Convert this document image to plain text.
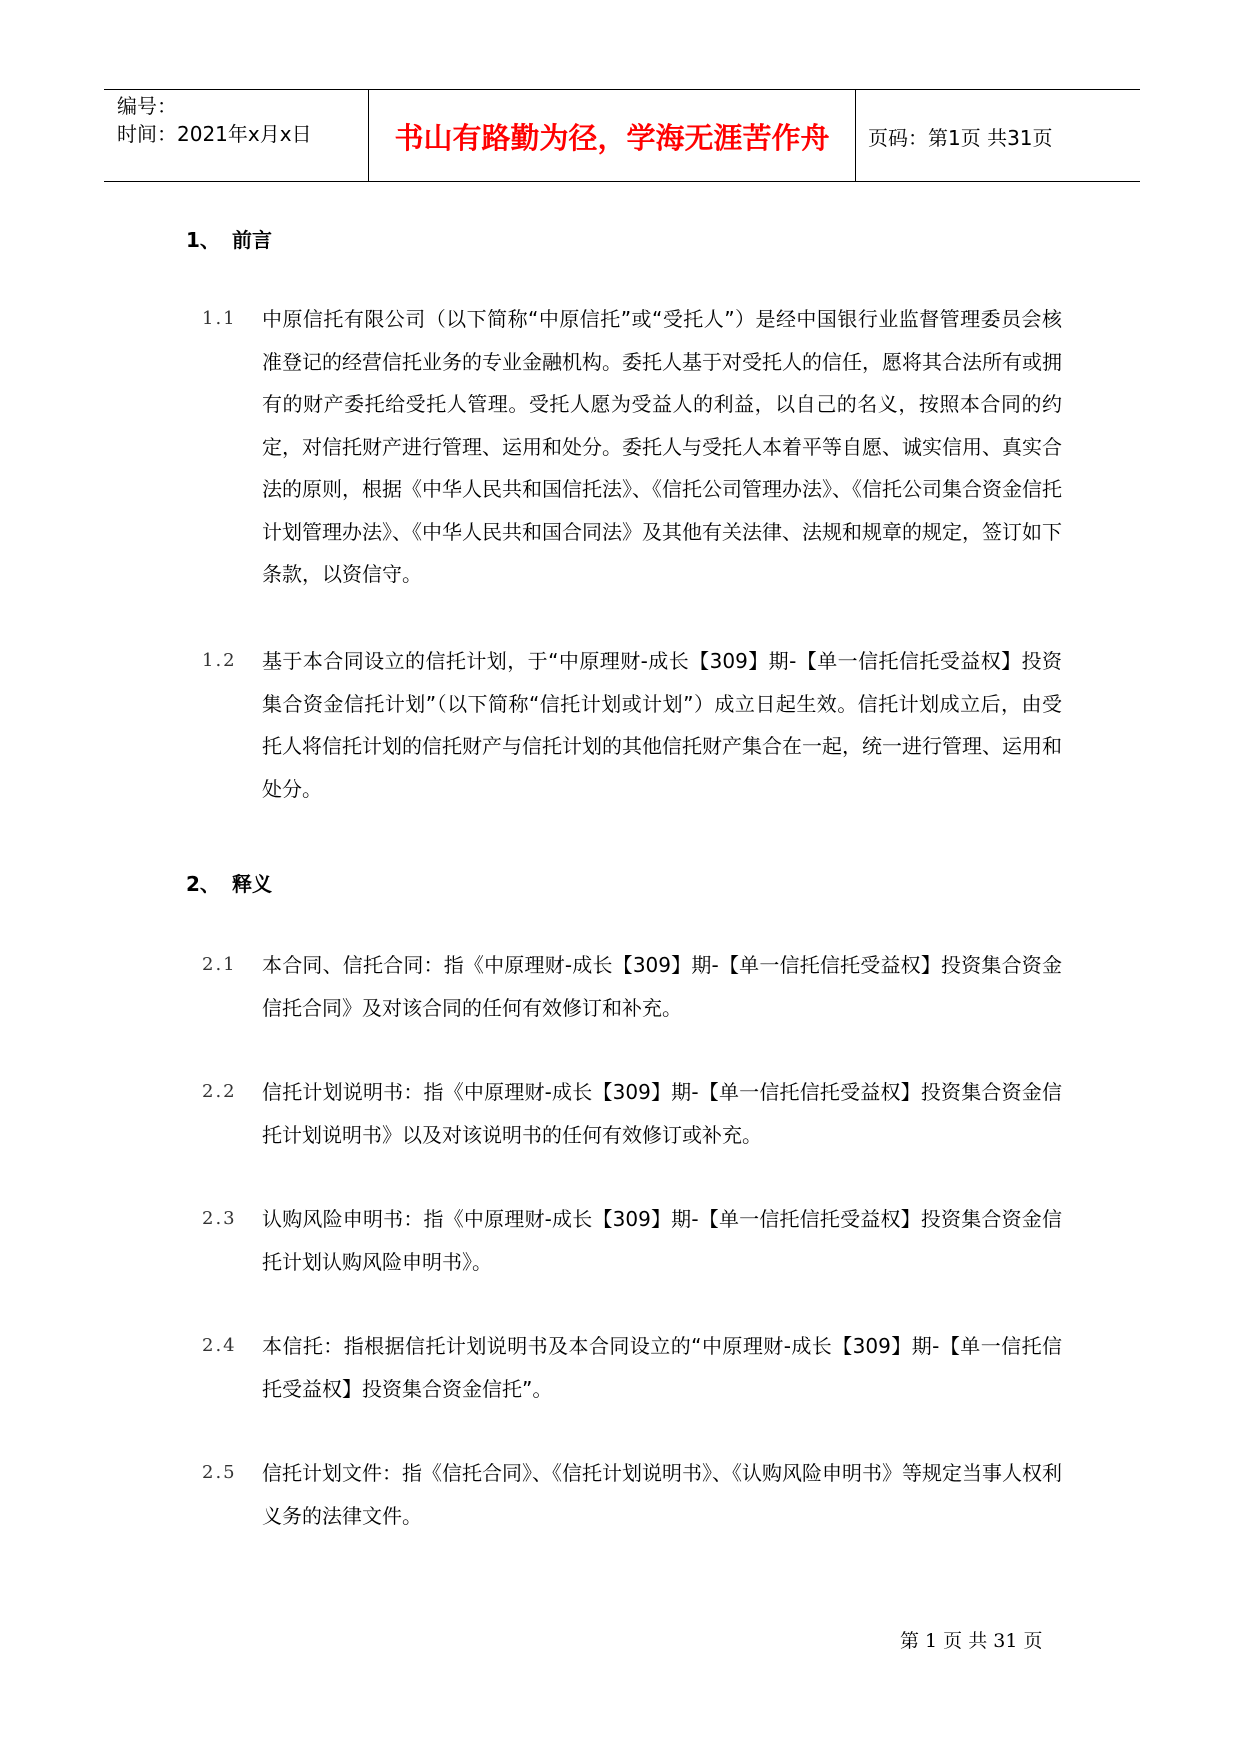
编号：
时间：2021年x月x日	书山有路勤为径，学海无涯苦作舟	页码：第1页 共31页
1、 前言
1.1	中原信托有限公司（以下简称“中原信托”或“受托人”）是经中国银行业监督管理委员会核准登记的经营信托业务的专业金融机构。委托人基于对受托人的信任，愿将其合法所有或拥有的财产委托给受托人管理。受托人愿为受益人的利益，以自己的名义，按照本合同的约定，对信托财产进行管理、运用和处分。委托人与受托人本着平等自愿、诚实信用、真实合法的原则，根据《中华人民共和国信托法》、《信托公司管理办法》、《信托公司集合资金信托计划管理办法》、《中华人民共和国合同法》及其他有关法律、法规和规章的规定，签订如下条款，以资信守。
1.2	基于本合同设立的信托计划，于“中原理财-成长【309】期-【单一信托信托受益权】投资集合资金信托计划”（以下简称“信托计划或计划”）成立日起生效。信托计划成立后，由受托人将信托计划的信托财产与信托计划的其他信托财产集合在一起，统一进行管理、运用和处分。
2、 释义
2.1	本合同、信托合同：指《中原理财-成长【309】期-【单一信托信托受益权】投资集合资金信托合同》及对该合同的任何有效修订和补充。
2.2	信托计划说明书：指《中原理财-成长【309】期-【单一信托信托受益权】投资集合资金信托计划说明书》以及对该说明书的任何有效修订或补充。
2.3	认购风险申明书：指《中原理财-成长【309】期-【单一信托信托受益权】投资集合资金信托计划认购风险申明书》。
2.4	本信托：指根据信托计划说明书及本合同设立的“中原理财-成长【309】期-【单一信托信托受益权】投资集合资金信托”。
2.5	信托计划文件：指《信托合同》、《信托计划说明书》、《认购风险申明书》等规定当事人权利义务的法律文件。
第 1 页 共 31 页
